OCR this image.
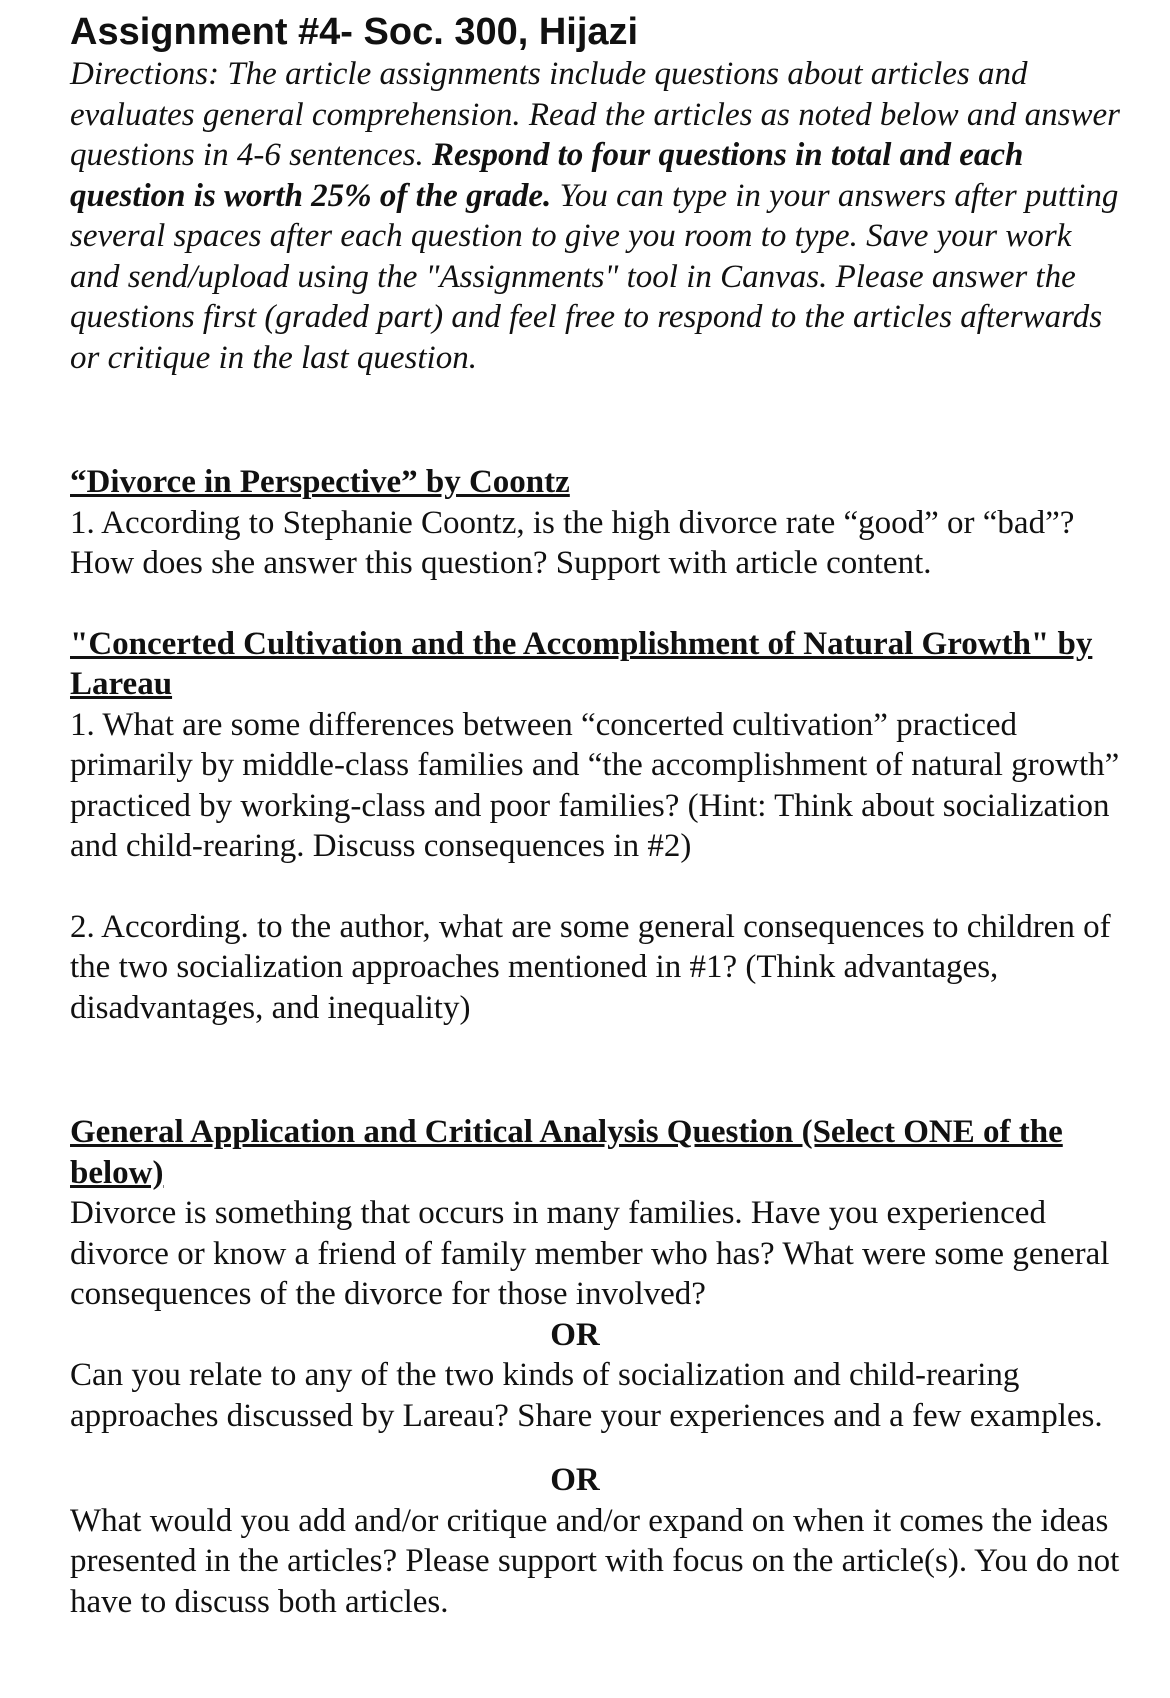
Assignment #4- Soc. 300, Hijazi

Directions: The article assignments include questions about articles and evaluates general comprehension. Read the articles as noted below and answer questions in 4-6 sentences. Respond to four questions in total and each question is worth 25% of the grade. You can type in your answers after putting several spaces after each question to give you room to type. Save your work and send/upload using the "Assignments" tool in Canvas. Please answer the questions first (graded part) and feel free to respond to the articles afterwards or critique in the last question.

“Divorce in Perspective” by Coontz

1. According to Stephanie Coontz, is the high divorce rate “good” or “bad”? How does she answer this question? Support with article content.

"Concerted Cultivation and the Accomplishment of Natural Growth" by Lareau

1. What are some differences between “concerted cultivation” practiced primarily by middle-class families and “the accomplishment of natural growth” practiced by working-class and poor families? (Hint: Think about socialization and child-rearing. Discuss consequences in #2)

2. According. to the author, what are some general consequences to children of the two socialization approaches mentioned in #1? (Think advantages, disadvantages, and inequality)

General Application and Critical Analysis Question (Select ONE of the below)

Divorce is something that occurs in many families. Have you experienced divorce or know a friend of family member who has? What were some general consequences of the divorce for those involved?

OR

Can you relate to any of the two kinds of socialization and child-rearing approaches discussed by Lareau? Share your experiences and a few examples.

OR

What would you add and/or critique and/or expand on when it comes the ideas presented in the articles? Please support with focus on the article(s). You do not have to discuss both articles.
